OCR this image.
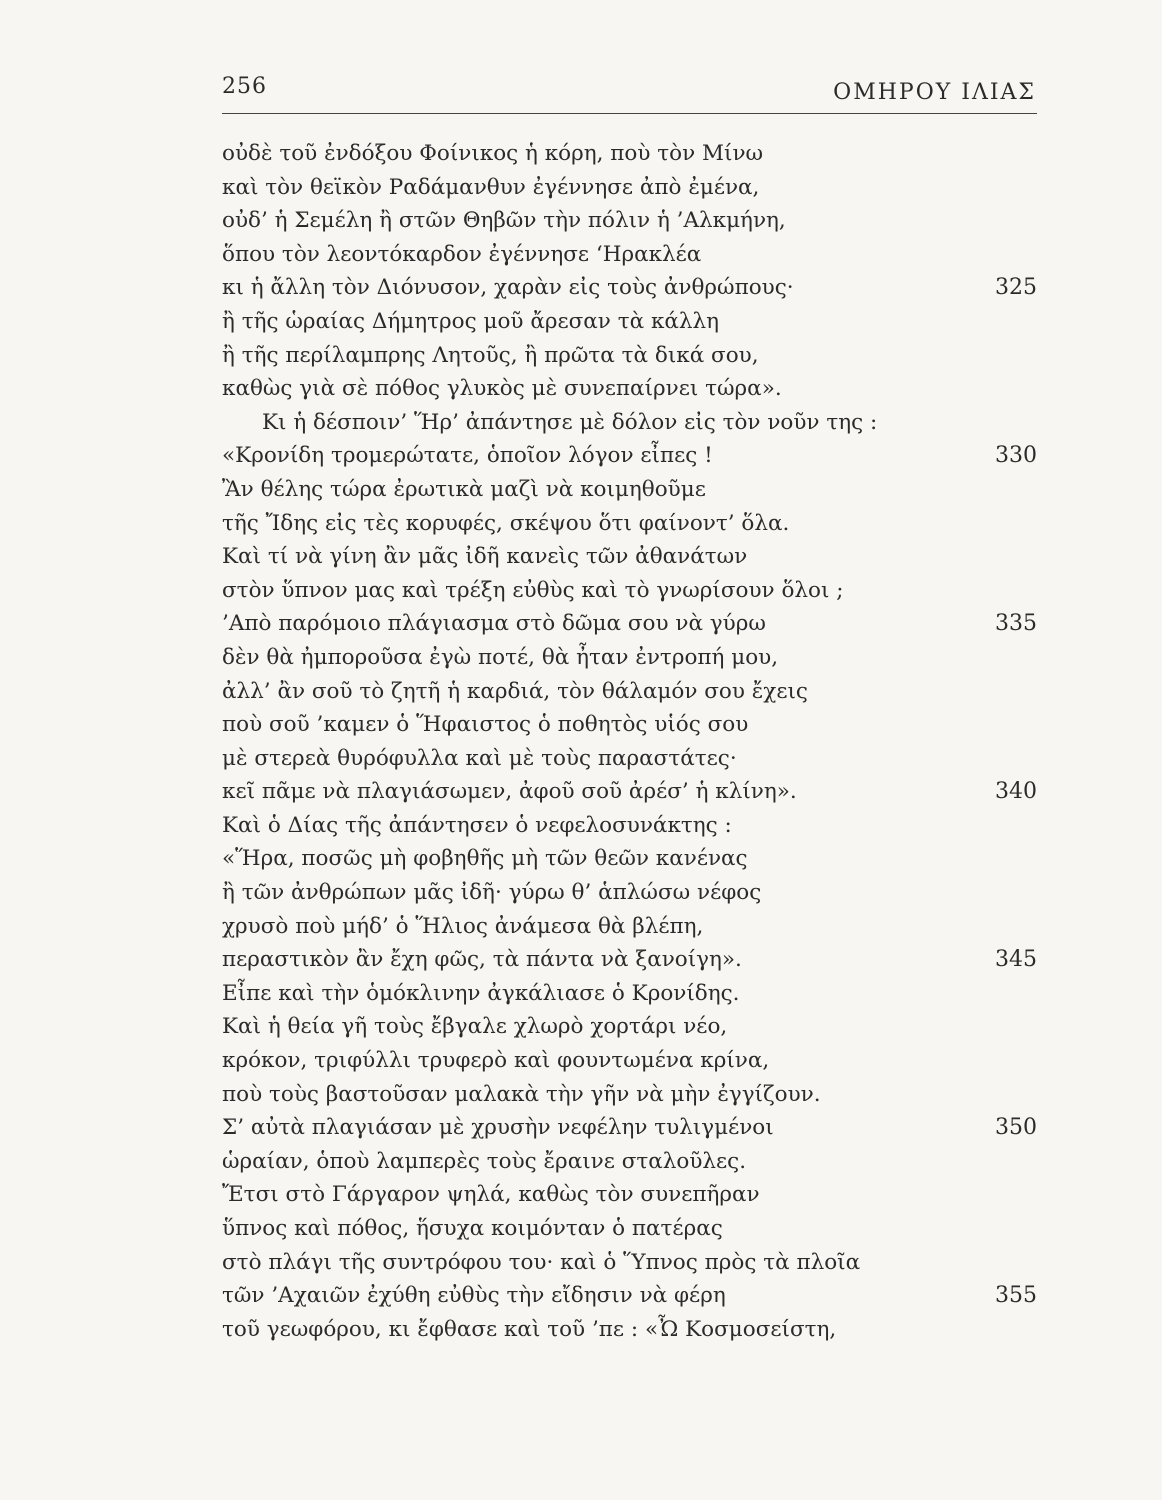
256	ΟΜΗΡΟΥ ΙΛΙΑΣ
οὐδὲ τοῦ ἐνδόξου Φοίνικος ἡ κόρη, ποὺ τὸν Μίνω
καὶ τὸν θεϊκὸν Ραδάμανθυν ἐγέννησε ἀπὸ ἐμένα,
οὐδ’ ἡ Σεμέλη ἢ στῶν Θηβῶν τὴν πόλιν ἡ ’Αλκμήνη,
ὅπου τὸν λεοντόκαρδον ἐγέννησε ‘Ηρακλέα
κι ἡ ἄλλη τὸν Διόνυσον, χαρὰν εἰς τοὺς ἀνθρώπους·	325
ἢ τῆς ὡραίας Δήμητρος μοῦ ἄρεσαν τὰ κάλλη
ἢ τῆς περίλαμπρης Λητοῦς, ἢ πρῶτα τὰ δικά σου,
καθὼς γιὰ σὲ πόθος γλυκὸς μὲ συνεπαίρνει τώρα».
Κι ἡ δέσποιν’ Ἥρ’ ἀπάντησε μὲ δόλον εἰς τὸν νοῦν της :
«Κρονίδη τρομερώτατε, ὁποῖον λόγον εἶπες !	330
Ἂν θέλης τώρα ἐρωτικὰ μαζὶ νὰ κοιμηθοῦμε
τῆς Ἴδης εἰς τὲς κορυφές, σκέψου ὅτι φαίνοντ’ ὅλα.
Καὶ τί νὰ γίνη ἂν μᾶς ἰδῆ κανεὶς τῶν ἀθανάτων
στὸν ὕπνον μας καὶ τρέξη εὐθὺς καὶ τὸ γνωρίσουν ὅλοι ;
’Απὸ παρόμοιο πλάγιασμα στὸ δῶμα σου νὰ γύρω	335
δὲν θὰ ἠμποροῦσα ἐγὼ ποτέ, θὰ ἦταν ἐντροπή μου,
ἀλλ’ ἂν σοῦ τὸ ζητῆ ἡ καρδιά, τὸν θάλαμόν σου ἔχεις
ποὺ σοῦ ’καμεν ὁ Ἥφαιστος ὁ ποθητὸς υἱός σου
μὲ στερεὰ θυρόφυλλα καὶ μὲ τοὺς παραστάτες·
κεῖ πᾶμε νὰ πλαγιάσωμεν, ἀφοῦ σοῦ ἀρέσ’ ἡ κλίνη».	340
Καὶ ὁ Δίας τῆς ἀπάντησεν ὁ νεφελοσυνάκτης :
«Ἥρα, ποσῶς μὴ φοβηθῆς μὴ τῶν θεῶν κανένας
ἢ τῶν ἀνθρώπων μᾶς ἰδῆ· γύρω θ’ ἁπλώσω νέφος
χρυσὸ ποὺ μήδ’ ὁ Ἥλιος ἀνάμεσα θὰ βλέπη,
περαστικὸν ἂν ἔχη φῶς, τὰ πάντα νὰ ξανοίγη».	345
Εἶπε καὶ τὴν ὁμόκλινην ἀγκάλιασε ὁ Κρονίδης.
Καὶ ἡ θεία γῆ τοὺς ἔβγαλε χλωρὸ χορτάρι νέο,
κρόκον, τριφύλλι τρυφερὸ καὶ φουντωμένα κρίνα,
ποὺ τοὺς βαστοῦσαν μαλακὰ τὴν γῆν νὰ μὴν ἐγγίζουν.
Σ’ αὐτὰ πλαγιάσαν μὲ χρυσὴν νεφέλην τυλιγμένοι	350
ὡραίαν, ὁποὺ λαμπερὲς τοὺς ἔραινε σταλοῦλες.
Ἔτσι στὸ Γάργαρον ψηλά, καθὼς τὸν συνεπῆραν
ὕπνος καὶ πόθος, ἥσυχα κοιμόνταν ὁ πατέρας
στὸ πλάγι τῆς συντρόφου του· καὶ ὁ Ὕπνος πρὸς τὰ πλοῖα
τῶν ’Αχαιῶν ἐχύθη εὐθὺς τὴν εἴδησιν νὰ φέρη	355
τοῦ γεωφόρου, κι ἔφθασε καὶ τοῦ ’πε : «Ὦ Κοσμοσείστη,
